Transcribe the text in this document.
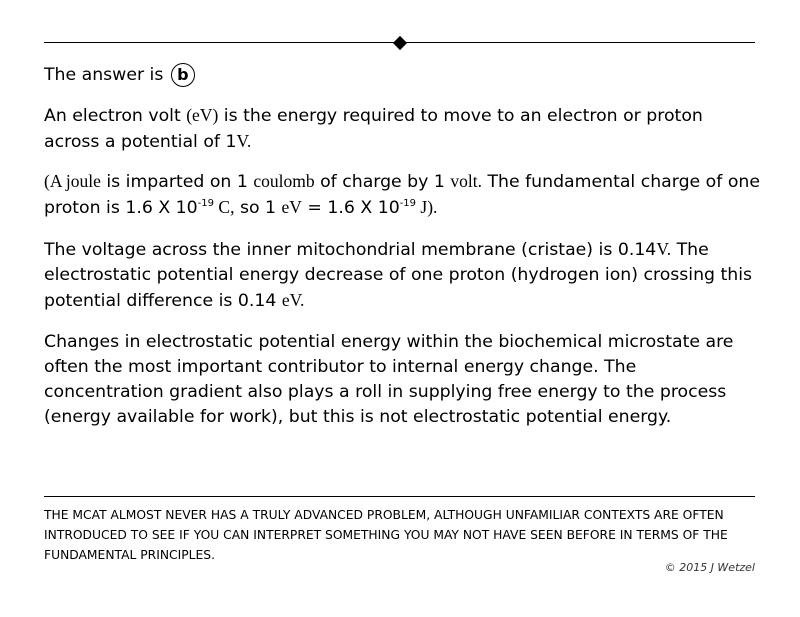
The answer is b

An electron volt (eV) is the energy required to move to an electron or proton across a potential of 1V.

(A joule is imparted on 1 coulomb of charge by 1 volt. The fundamental charge of one proton is 1.6 X $10^{-19}$ C, so 1 eV = 1.6 X $10^{-19}$ J).

The voltage across the inner mitochondrial membrane (cristae) is 0.14V. The electrostatic potential energy decrease of one proton (hydrogen ion) crossing this potential difference is 0.14 eV.

Changes in electrostatic potential energy within the biochemical microstate are often the most important contributor to internal energy change. The concentration gradient also plays a roll in supplying free energy to the process (energy available for work), but this is not electrostatic potential energy.

THE MCAT ALMOST NEVER HAS A TRULY ADVANCED PROBLEM, ALTHOUGH UNFAMILIAR CONTEXTS ARE OFTEN INTRODUCED TO SEE IF YOU CAN INTERPRET SOMETHING YOU MAY NOT HAVE SEEN BEFORE IN TERMS OF THE FUNDAMENTAL PRINCIPLES.
© 2015 J Wetzel
